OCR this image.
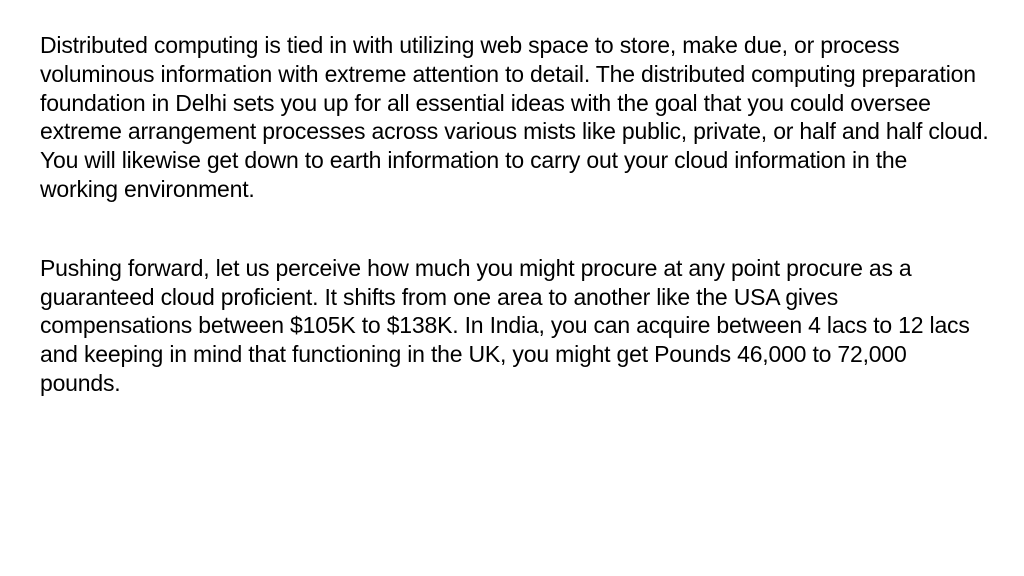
Distributed computing is tied in with utilizing web space to store, make due, or process voluminous information with extreme attention to detail. The distributed computing preparation foundation in Delhi sets you up for all essential ideas with the goal that you could oversee extreme arrangement processes across various mists like public, private, or half and half cloud. You will likewise get down to earth information to carry out your cloud information in the working environment.

Pushing forward, let us perceive how much you might procure at any point procure as a guaranteed cloud proficient. It shifts from one area to another like the USA gives compensations between $105K to $138K. In India, you can acquire between 4 lacs to 12 lacs and keeping in mind that functioning in the UK, you might get Pounds 46,000 to 72,000 pounds.
